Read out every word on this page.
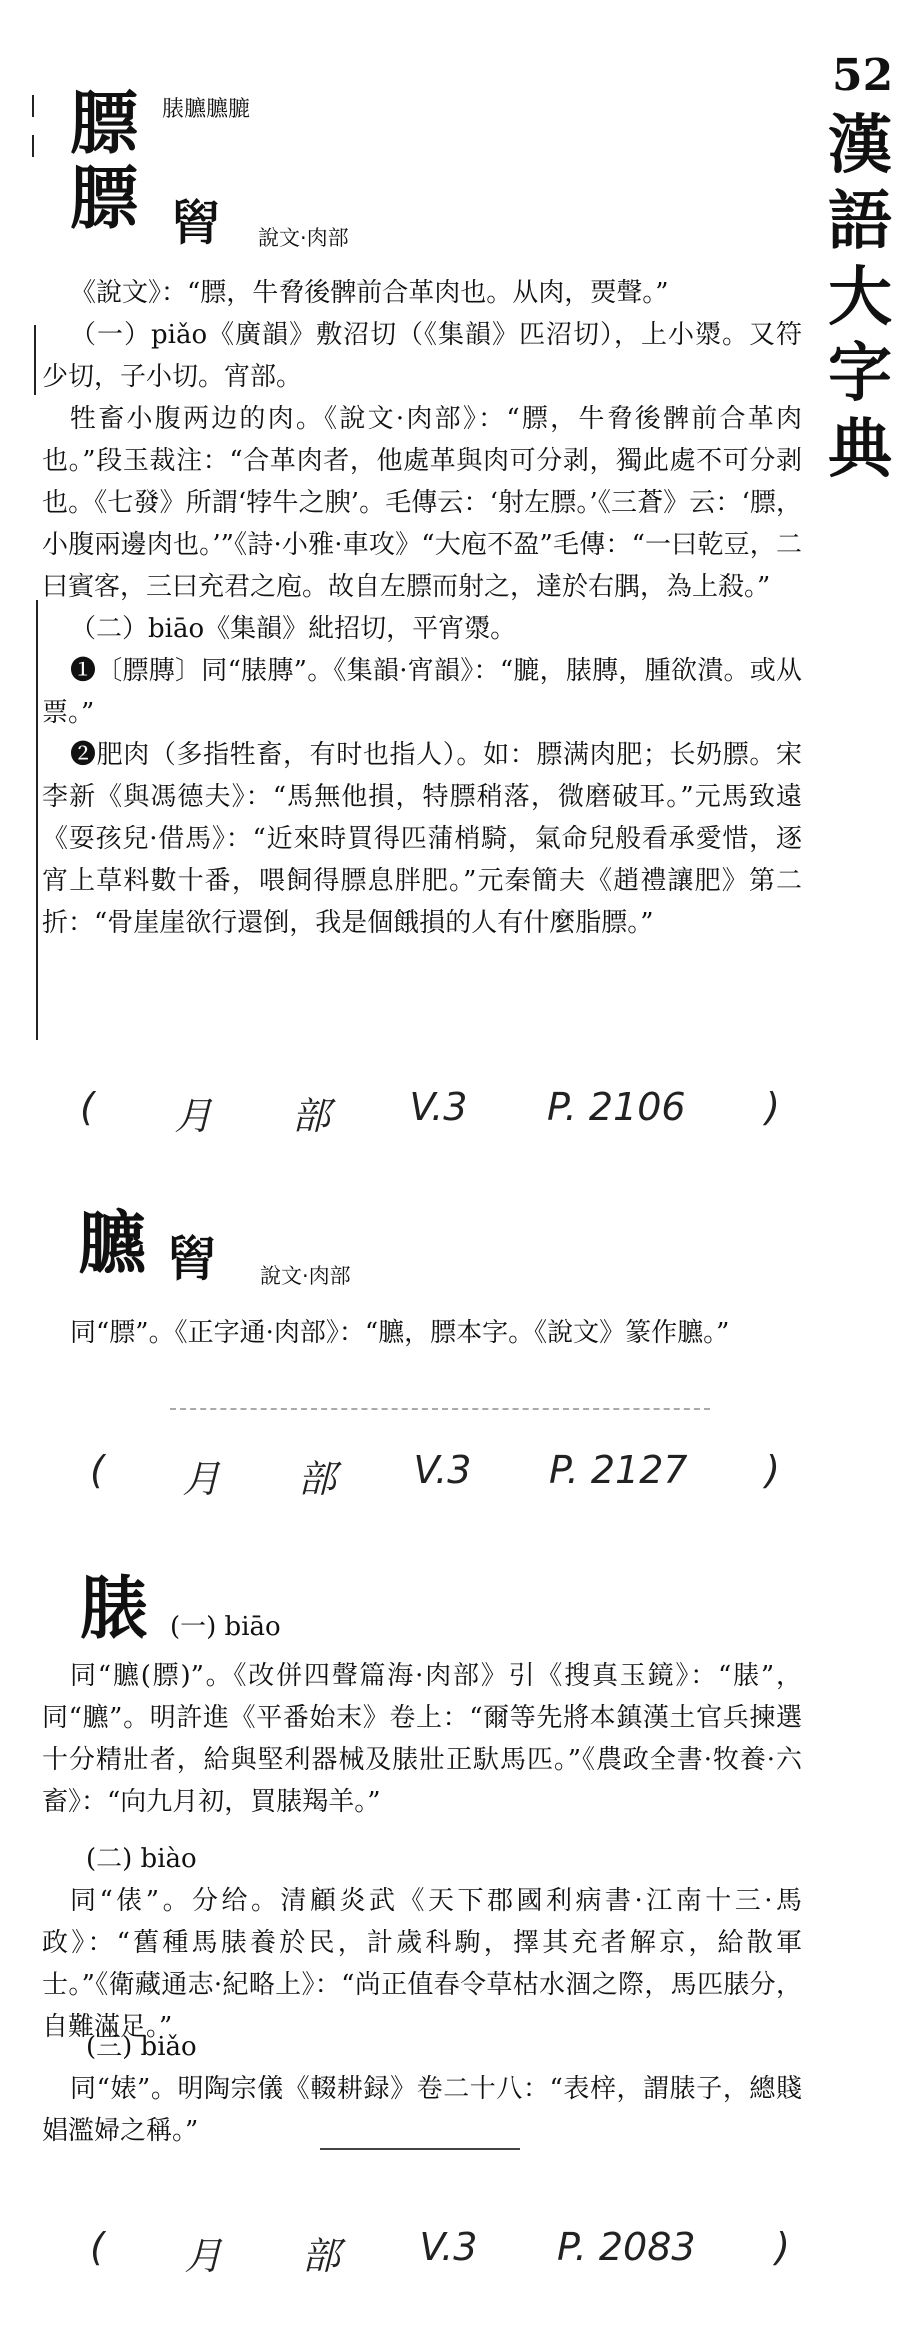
52
漢
語
大
字
典
膘
膘
脿臕臕膔
𦞩 說文·肉部

《說文》：“膘，牛脅後髀前合革肉也。从肉，㶾聲。”

（一）piǎo《廣韻》敷沼切（《集韻》匹沼切），上小㵗。又符少切，子小切。宵部。

牲畜小腹两边的肉。《說文·肉部》：“膘，牛脅後髀前合革肉也。”段玉裁注：“合革肉者，他處革與肉可分剥，獨此處不可分剥也。《七發》所謂‘㹀牛之腴’。毛傳云：‘射左膘。’《三蒼》云：‘膘，小腹兩邊肉也。’”《詩·小雅·車攻》“大庖不盈”毛傳：“一曰乾豆，二曰賓客，三曰充君之庖。故自左膘而射之，達於右腢，為上殺。”

（二）biāo《集韻》紕招切，平宵㵗。

❶〔膘膞〕同“脿膞”。《集韻·宵韻》：“膔，脿膞，腫欲潰。或从票。”

❷肥肉（多指牲畜，有时也指人）。如：膘满肉肥；长奶膘。宋李新《與馮德夫》：“馬無他損，特膘稍落，微磨破耳。”元馬致遠《耍孩兒·借馬》：“近來時買得匹蒲梢騎，氣命兒般看承愛惜，逐宵上草料數十番，喂飼得膘息胖肥。”元秦簡夫《趙禮讓肥》第二折：“骨崖崖欲行還倒，我是個餓損的人有什麼脂膘。”

( 月 部 V.3 P. 2106 )
臕 𦞩 說文·肉部

同“膘”。《正字通·肉部》：“臕，膘本字。《說文》篆作臕。”

( 月 部 V.3 P. 2127 )
脿 (一) biāo

同“臕(膘)”。《改併四聲篇海·肉部》引《搜真玉鏡》：“脿”，同“臕”。明許進《平番始末》卷上：“爾等先將本鎮漢土官兵揀選十分精壯者，給與堅利器械及脿壯正馱馬匹。”《農政全書·牧養·六畜》：“向九月初，買脿羯羊。”

(二) biào

同“俵”。分给。清顧炎武《天下郡國利病書·江南十三·馬政》：“舊種馬脿養於民，計歲科駒，擇其充者解京，給散軍士。”《衛藏通志·紀略上》：“尚正值春令草枯水涸之際，馬匹脿分，自難滿足。”

(三) biǎo

同“婊”。明陶宗儀《輟耕録》卷二十八：“表梓，謂脿子，總賤娼濫婦之稱。”

( 月 部 V.3 P. 2083 )
